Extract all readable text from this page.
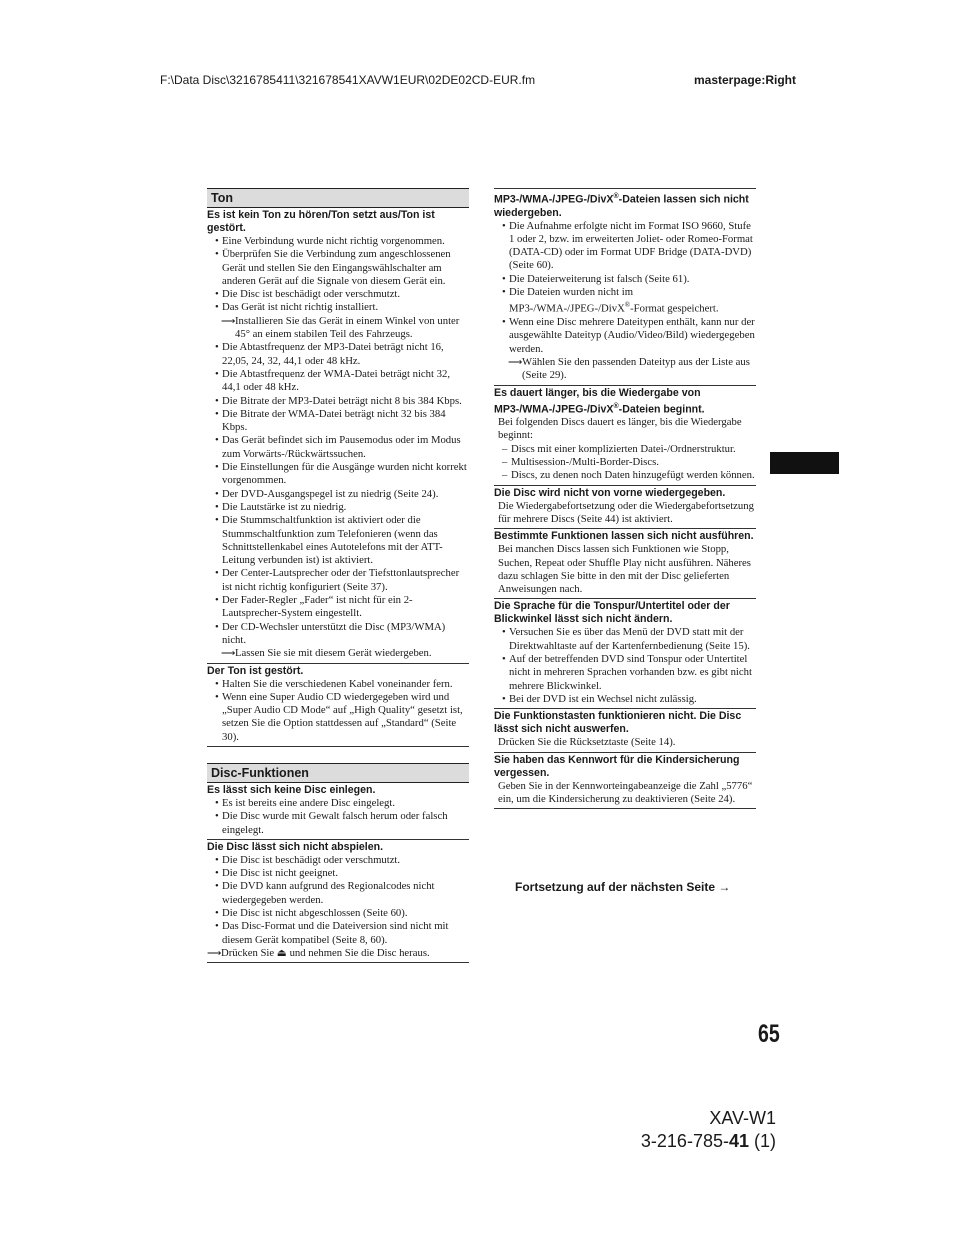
F:\Data Disc\3216785411\321678541XAVW1EUR\02DE02CD-EUR.fm	masterpage:Right
Ton
Es ist kein Ton zu hören/Ton setzt aus/Ton ist gestört.
• Eine Verbindung wurde nicht richtig vorgenommen.
• Überprüfen Sie die Verbindung zum angeschlossenen Gerät und stellen Sie den Eingangswählschalter am anderen Gerät auf die Signale von diesem Gerät ein.
• Die Disc ist beschädigt oder verschmutzt.
• Das Gerät ist nicht richtig installiert.
⟶Installieren Sie das Gerät in einem Winkel von unter 45° an einem stabilen Teil des Fahrzeugs.
• Die Abtastfrequenz der MP3-Datei beträgt nicht 16, 22,05, 24, 32, 44,1 oder 48 kHz.
• Die Abtastfrequenz der WMA-Datei beträgt nicht 32, 44,1 oder 48 kHz.
• Die Bitrate der MP3-Datei beträgt nicht 8 bis 384 Kbps.
• Die Bitrate der WMA-Datei beträgt nicht 32 bis 384 Kbps.
• Das Gerät befindet sich im Pausemodus oder im Modus zum Vorwärts-/Rückwärtssuchen.
• Die Einstellungen für die Ausgänge wurden nicht korrekt vorgenommen.
• Der DVD-Ausgangspegel ist zu niedrig (Seite 24).
• Die Lautstärke ist zu niedrig.
• Die Stummschaltfunktion ist aktiviert oder die Stummschaltfunktion zum Telefonieren (wenn das Schnittstellenkabel eines Autotelefons mit der ATT-Leitung verbunden ist) ist aktiviert.
• Der Center-Lautsprecher oder der Tiefsttonlautsprecher ist nicht richtig konfiguriert (Seite 37).
• Der Fader-Regler „Fader“ ist nicht für ein 2-Lautsprecher-System eingestellt.
• Der CD-Wechsler unterstützt die Disc (MP3/WMA) nicht.
⟶Lassen Sie sie mit diesem Gerät wiedergeben.
Der Ton ist gestört.
• Halten Sie die verschiedenen Kabel voneinander fern.
• Wenn eine Super Audio CD wiedergegeben wird und „Super Audio CD Mode“ auf „High Quality“ gesetzt ist, setzen Sie die Option stattdessen auf „Standard“ (Seite 30).
Disc-Funktionen
Es lässt sich keine Disc einlegen.
• Es ist bereits eine andere Disc eingelegt.
• Die Disc wurde mit Gewalt falsch herum oder falsch eingelegt.
Die Disc lässt sich nicht abspielen.
• Die Disc ist beschädigt oder verschmutzt.
• Die Disc ist nicht geeignet.
• Die DVD kann aufgrund des Regionalcodes nicht wiedergegeben werden.
• Die Disc ist nicht abgeschlossen (Seite 60).
• Das Disc-Format und die Dateiversion sind nicht mit diesem Gerät kompatibel (Seite 8, 60).
⟶Drücken Sie ⏏ und nehmen Sie die Disc heraus.
MP3-/WMA-/JPEG-/DivX®-Dateien lassen sich nicht wiedergeben.
• Die Aufnahme erfolgte nicht im Format ISO 9660, Stufe 1 oder 2, bzw. im erweiterten Joliet- oder Romeo-Format (DATA-CD) oder im Format UDF Bridge (DATA-DVD) (Seite 60).
• Die Dateierweiterung ist falsch (Seite 61).
• Die Dateien wurden nicht im MP3-/WMA-/JPEG-/DivX®-Format gespeichert.
• Wenn eine Disc mehrere Dateitypen enthält, kann nur der ausgewählte Dateityp (Audio/Video/Bild) wiedergegeben werden.
⟶Wählen Sie den passenden Dateityp aus der Liste aus (Seite 29).
Es dauert länger, bis die Wiedergabe von MP3-/WMA-/JPEG-/DivX®-Dateien beginnt.
Bei folgenden Discs dauert es länger, bis die Wiedergabe beginnt:
– Discs mit einer komplizierten Datei-/Ordnerstruktur.
– Multisession-/Multi-Border-Discs.
– Discs, zu denen noch Daten hinzugefügt werden können.
Die Disc wird nicht von vorne wiedergegeben.
Die Wiedergabefortsetzung oder die Wiedergabefortsetzung für mehrere Discs (Seite 44) ist aktiviert.
Bestimmte Funktionen lassen sich nicht ausführen.
Bei manchen Discs lassen sich Funktionen wie Stopp, Suchen, Repeat oder Shuffle Play nicht ausführen. Näheres dazu schlagen Sie bitte in den mit der Disc gelieferten Anweisungen nach.
Die Sprache für die Tonspur/Untertitel oder der Blickwinkel lässt sich nicht ändern.
• Versuchen Sie es über das Menü der DVD statt mit der Direktwahltaste auf der Kartenfernbedienung (Seite 15).
• Auf der betreffenden DVD sind Tonspur oder Untertitel nicht in mehreren Sprachen vorhanden bzw. es gibt nicht mehrere Blickwinkel.
• Bei der DVD ist ein Wechsel nicht zulässig.
Die Funktionstasten funktionieren nicht. Die Disc lässt sich nicht auswerfen.
Drücken Sie die Rücksetztaste (Seite 14).
Sie haben das Kennwort für die Kindersicherung vergessen.
Geben Sie in der Kennworteingabeanzeige die Zahl „5776“ ein, um die Kindersicherung zu deaktivieren (Seite 24).
Fortsetzung auf der nächsten Seite →
65
XAV-W1
3-216-785-41 (1)
